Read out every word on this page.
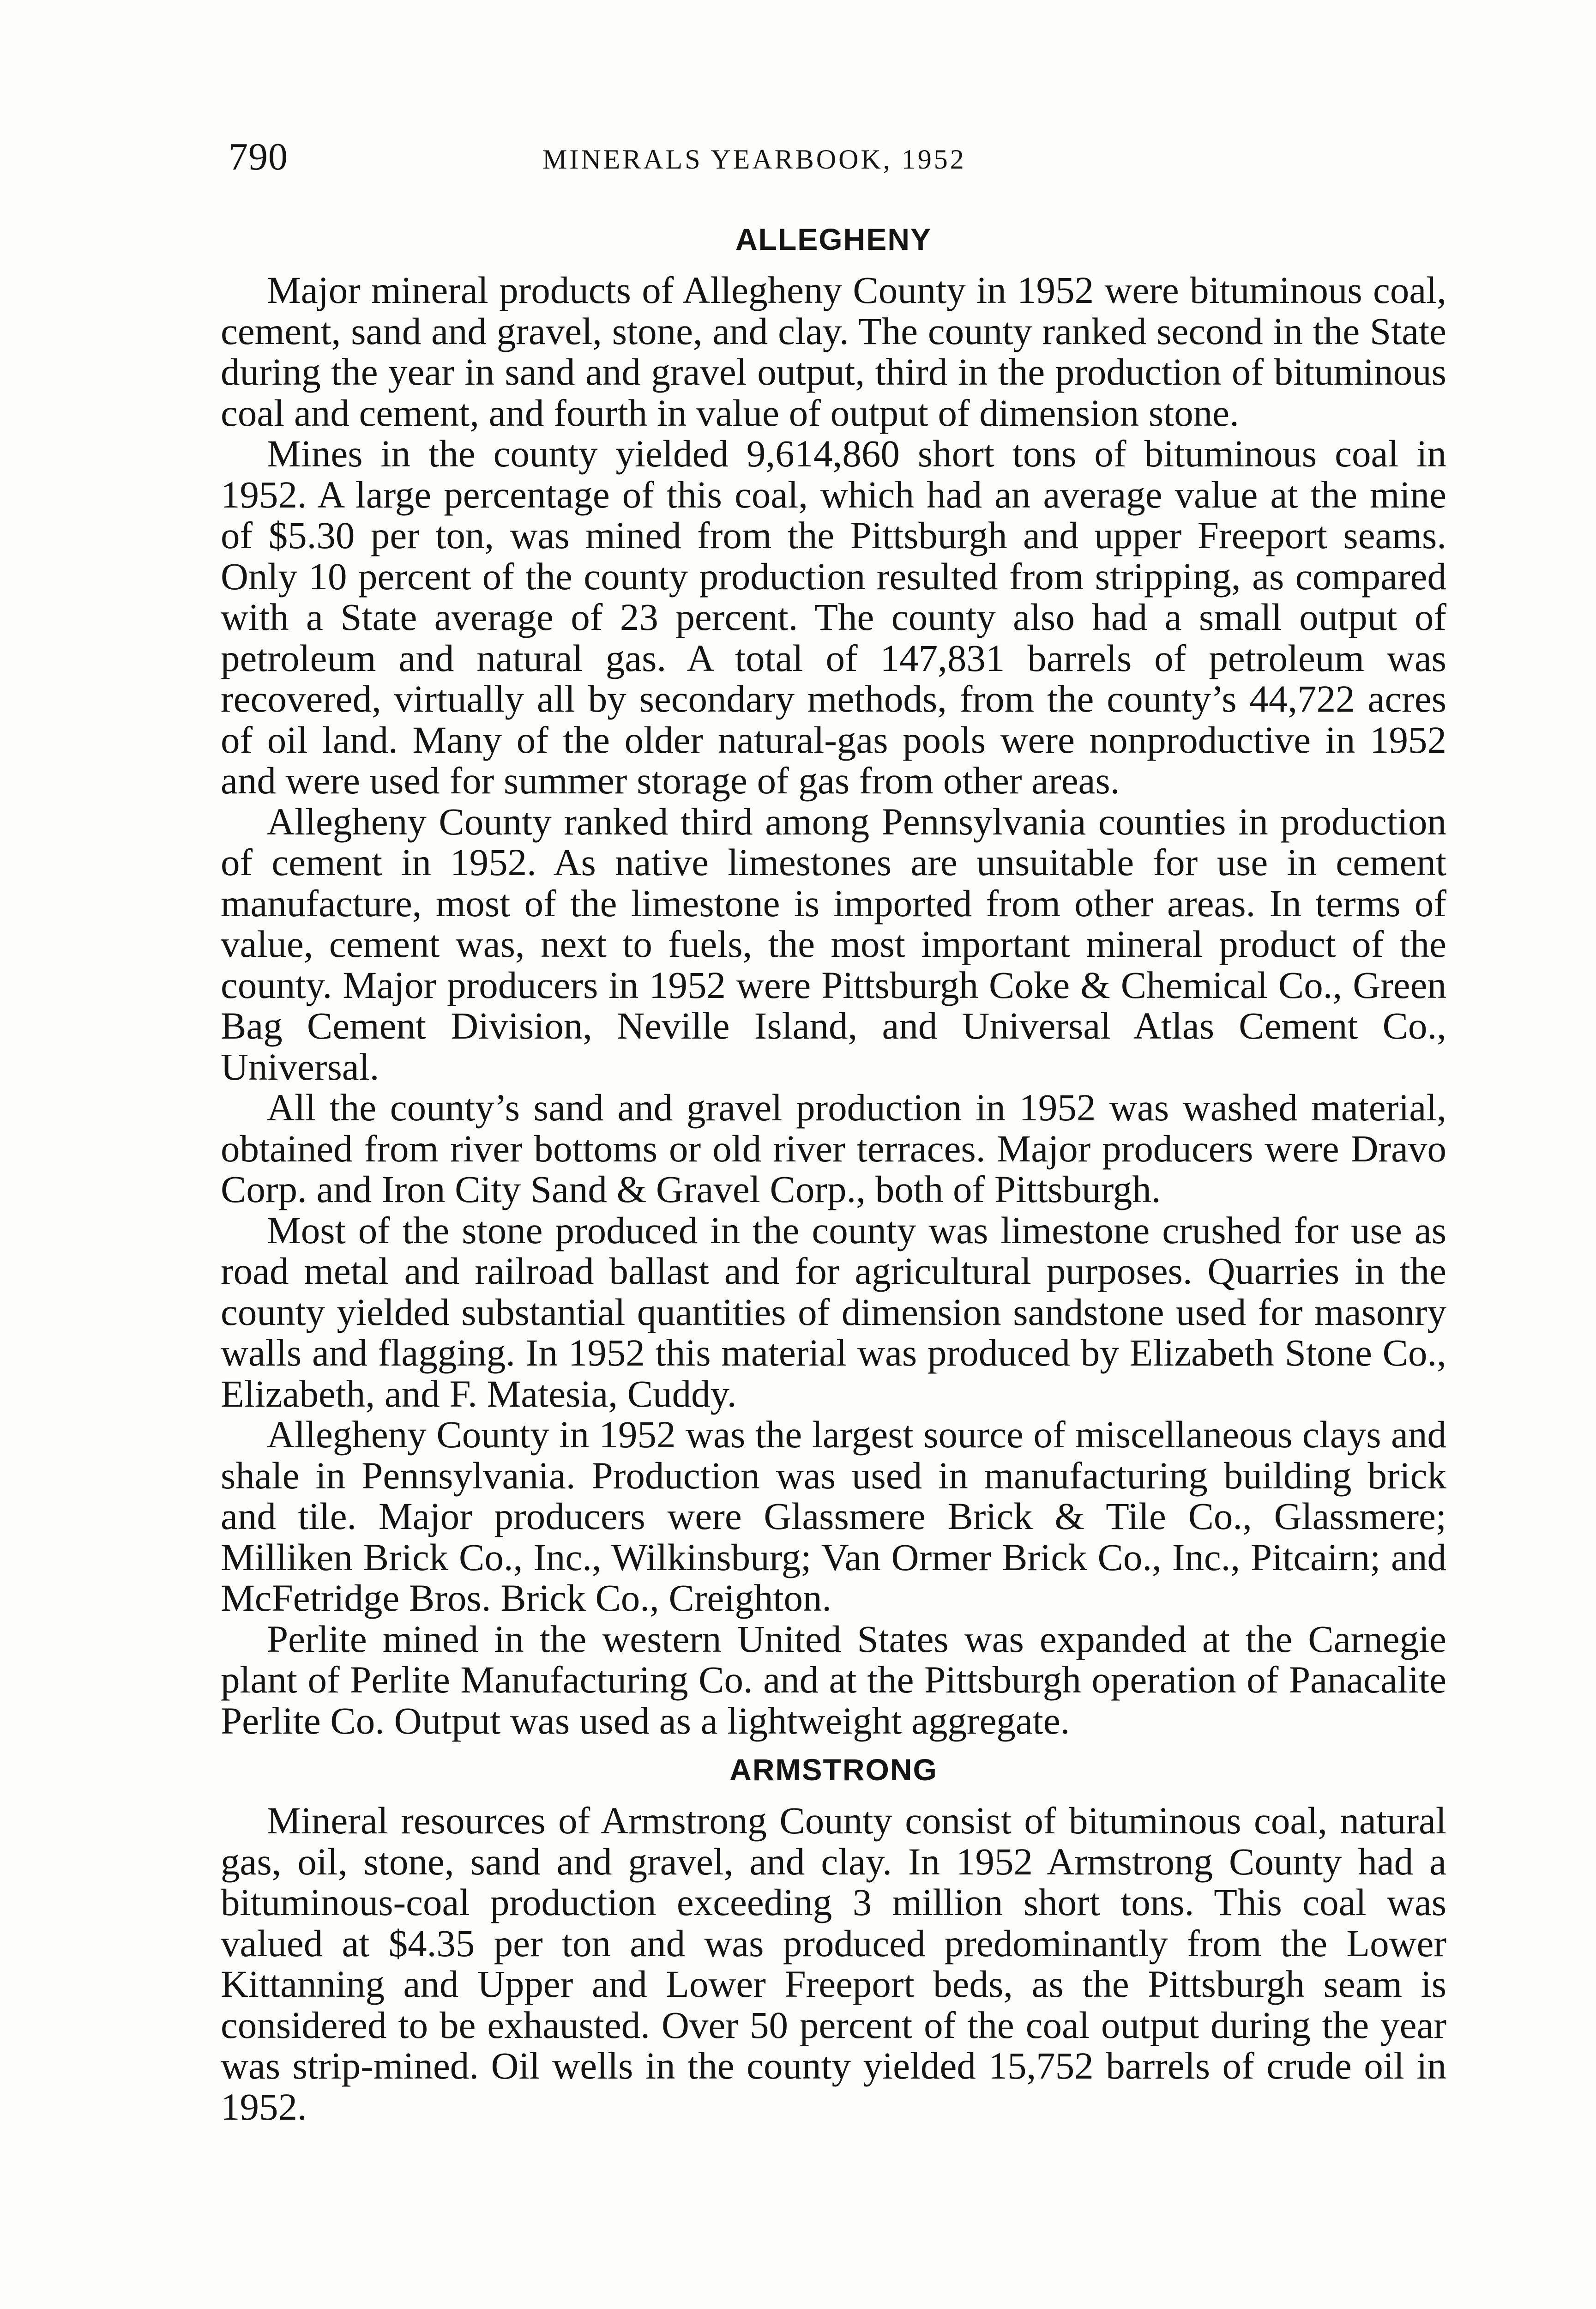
790	MINERALS YEARBOOK, 1952
ALLEGHENY

Major mineral products of Allegheny County in 1952 were bituminous coal, cement, sand and gravel, stone, and clay. The county ranked second in the State during the year in sand and gravel output, third in the production of bituminous coal and cement, and fourth in value of output of dimension stone.

Mines in the county yielded 9,614,860 short tons of bituminous coal in 1952. A large percentage of this coal, which had an average value at the mine of $5.30 per ton, was mined from the Pittsburgh and upper Freeport seams. Only 10 percent of the county production resulted from stripping, as compared with a State average of 23 percent. The county also had a small output of petroleum and natural gas. A total of 147,831 barrels of petroleum was recovered, virtually all by secondary methods, from the county’s 44,722 acres of oil land. Many of the older natural-gas pools were nonproductive in 1952 and were used for summer storage of gas from other areas.

Allegheny County ranked third among Pennsylvania counties in production of cement in 1952. As native limestones are unsuitable for use in cement manufacture, most of the limestone is imported from other areas. In terms of value, cement was, next to fuels, the most important mineral product of the county. Major producers in 1952 were Pittsburgh Coke & Chemical Co., Green Bag Cement Division, Neville Island, and Universal Atlas Cement Co., Universal.

All the county’s sand and gravel production in 1952 was washed material, obtained from river bottoms or old river terraces. Major producers were Dravo Corp. and Iron City Sand & Gravel Corp., both of Pittsburgh.

Most of the stone produced in the county was limestone crushed for use as road metal and railroad ballast and for agricultural purposes. Quarries in the county yielded substantial quantities of dimension sandstone used for masonry walls and flagging. In 1952 this material was produced by Elizabeth Stone Co., Elizabeth, and F. Matesia, Cuddy.

Allegheny County in 1952 was the largest source of miscellaneous clays and shale in Pennsylvania. Production was used in manufacturing building brick and tile. Major producers were Glassmere Brick & Tile Co., Glassmere; Milliken Brick Co., Inc., Wilkinsburg; Van Ormer Brick Co., Inc., Pitcairn; and McFetridge Bros. Brick Co., Creighton.

Perlite mined in the western United States was expanded at the Carnegie plant of Perlite Manufacturing Co. and at the Pittsburgh operation of Panacalite Perlite Co. Output was used as a lightweight aggregate.

ARMSTRONG

Mineral resources of Armstrong County consist of bituminous coal, natural gas, oil, stone, sand and gravel, and clay. In 1952 Armstrong County had a bituminous-coal production exceeding 3 million short tons. This coal was valued at $4.35 per ton and was produced predominantly from the Lower Kittanning and Upper and Lower Freeport beds, as the Pittsburgh seam is considered to be exhausted. Over 50 percent of the coal output during the year was strip-mined. Oil wells in the county yielded 15,752 barrels of crude oil in 1952.
